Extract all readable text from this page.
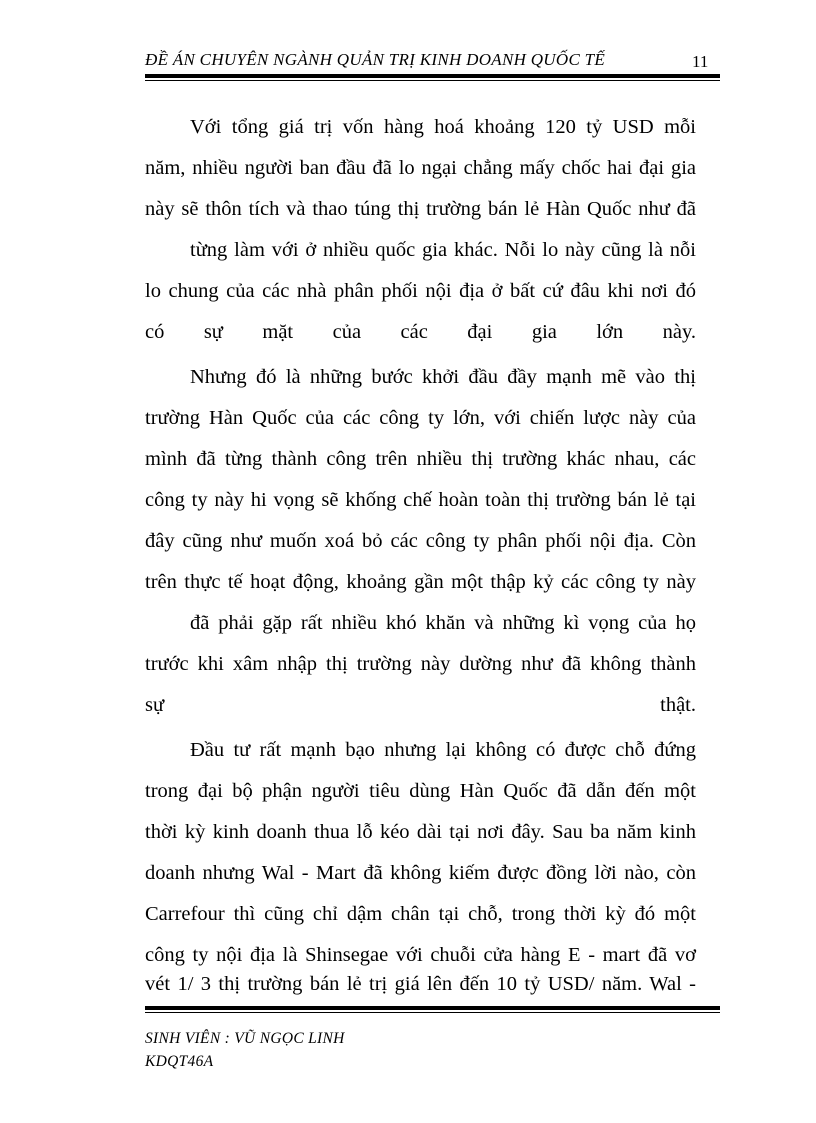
ĐỀ ÁN CHUYÊN NGÀNH QUẢN TRỊ KINH DOANH QUỐC TẾ	11
Với tổng giá trị vốn hàng hoá khoảng 120 tỷ USD mỗi
năm, nhiều người ban đầu đã lo ngại chẳng mấy chốc hai đại gia
này sẽ thôn tích và thao túng thị trường bán lẻ Hàn Quốc như đã
từng làm với ở nhiều quốc gia khác. Nỗi lo này cũng là nỗi
lo chung của các nhà phân phối nội địa ở bất cứ đâu khi nơi đó
có sự mặt của các đại gia lớn này.
Nhưng đó là những bước khởi đầu đầy mạnh mẽ vào thị
trường Hàn Quốc của các công ty lớn, với chiến lược này của
mình đã từng thành công trên nhiều thị trường khác nhau, các
công ty này hi vọng sẽ khống chế hoàn toàn thị trường bán lẻ tại
đây cũng như muốn xoá bỏ các công ty phân phối nội địa. Còn
trên thực tế hoạt động, khoảng gần một thập kỷ các công ty này
đã phải gặp rất nhiều khó khăn và những kì vọng của họ
trước khi xâm nhập thị trường này dường như đã không thành
sự thật.
Đầu tư rất mạnh bạo nhưng lại không có được chỗ đứng
trong đại bộ phận người tiêu dùng Hàn Quốc đã dẫn đến một
thời kỳ kinh doanh thua lỗ kéo dài tại nơi đây. Sau ba năm kinh
doanh nhưng Wal - Mart đã không kiếm được đồng lời nào, còn
Carrefour thì cũng chỉ dậm chân tại chỗ, trong thời kỳ đó một
công ty nội địa là Shinsegae với chuỗi cửa hàng E - mart đã vơ
vét 1/ 3 thị trường bán lẻ trị giá lên đến 10 tỷ USD/ năm. Wal -
SINH VIÊN : VŨ NGỌC LINH
KDQT46A
